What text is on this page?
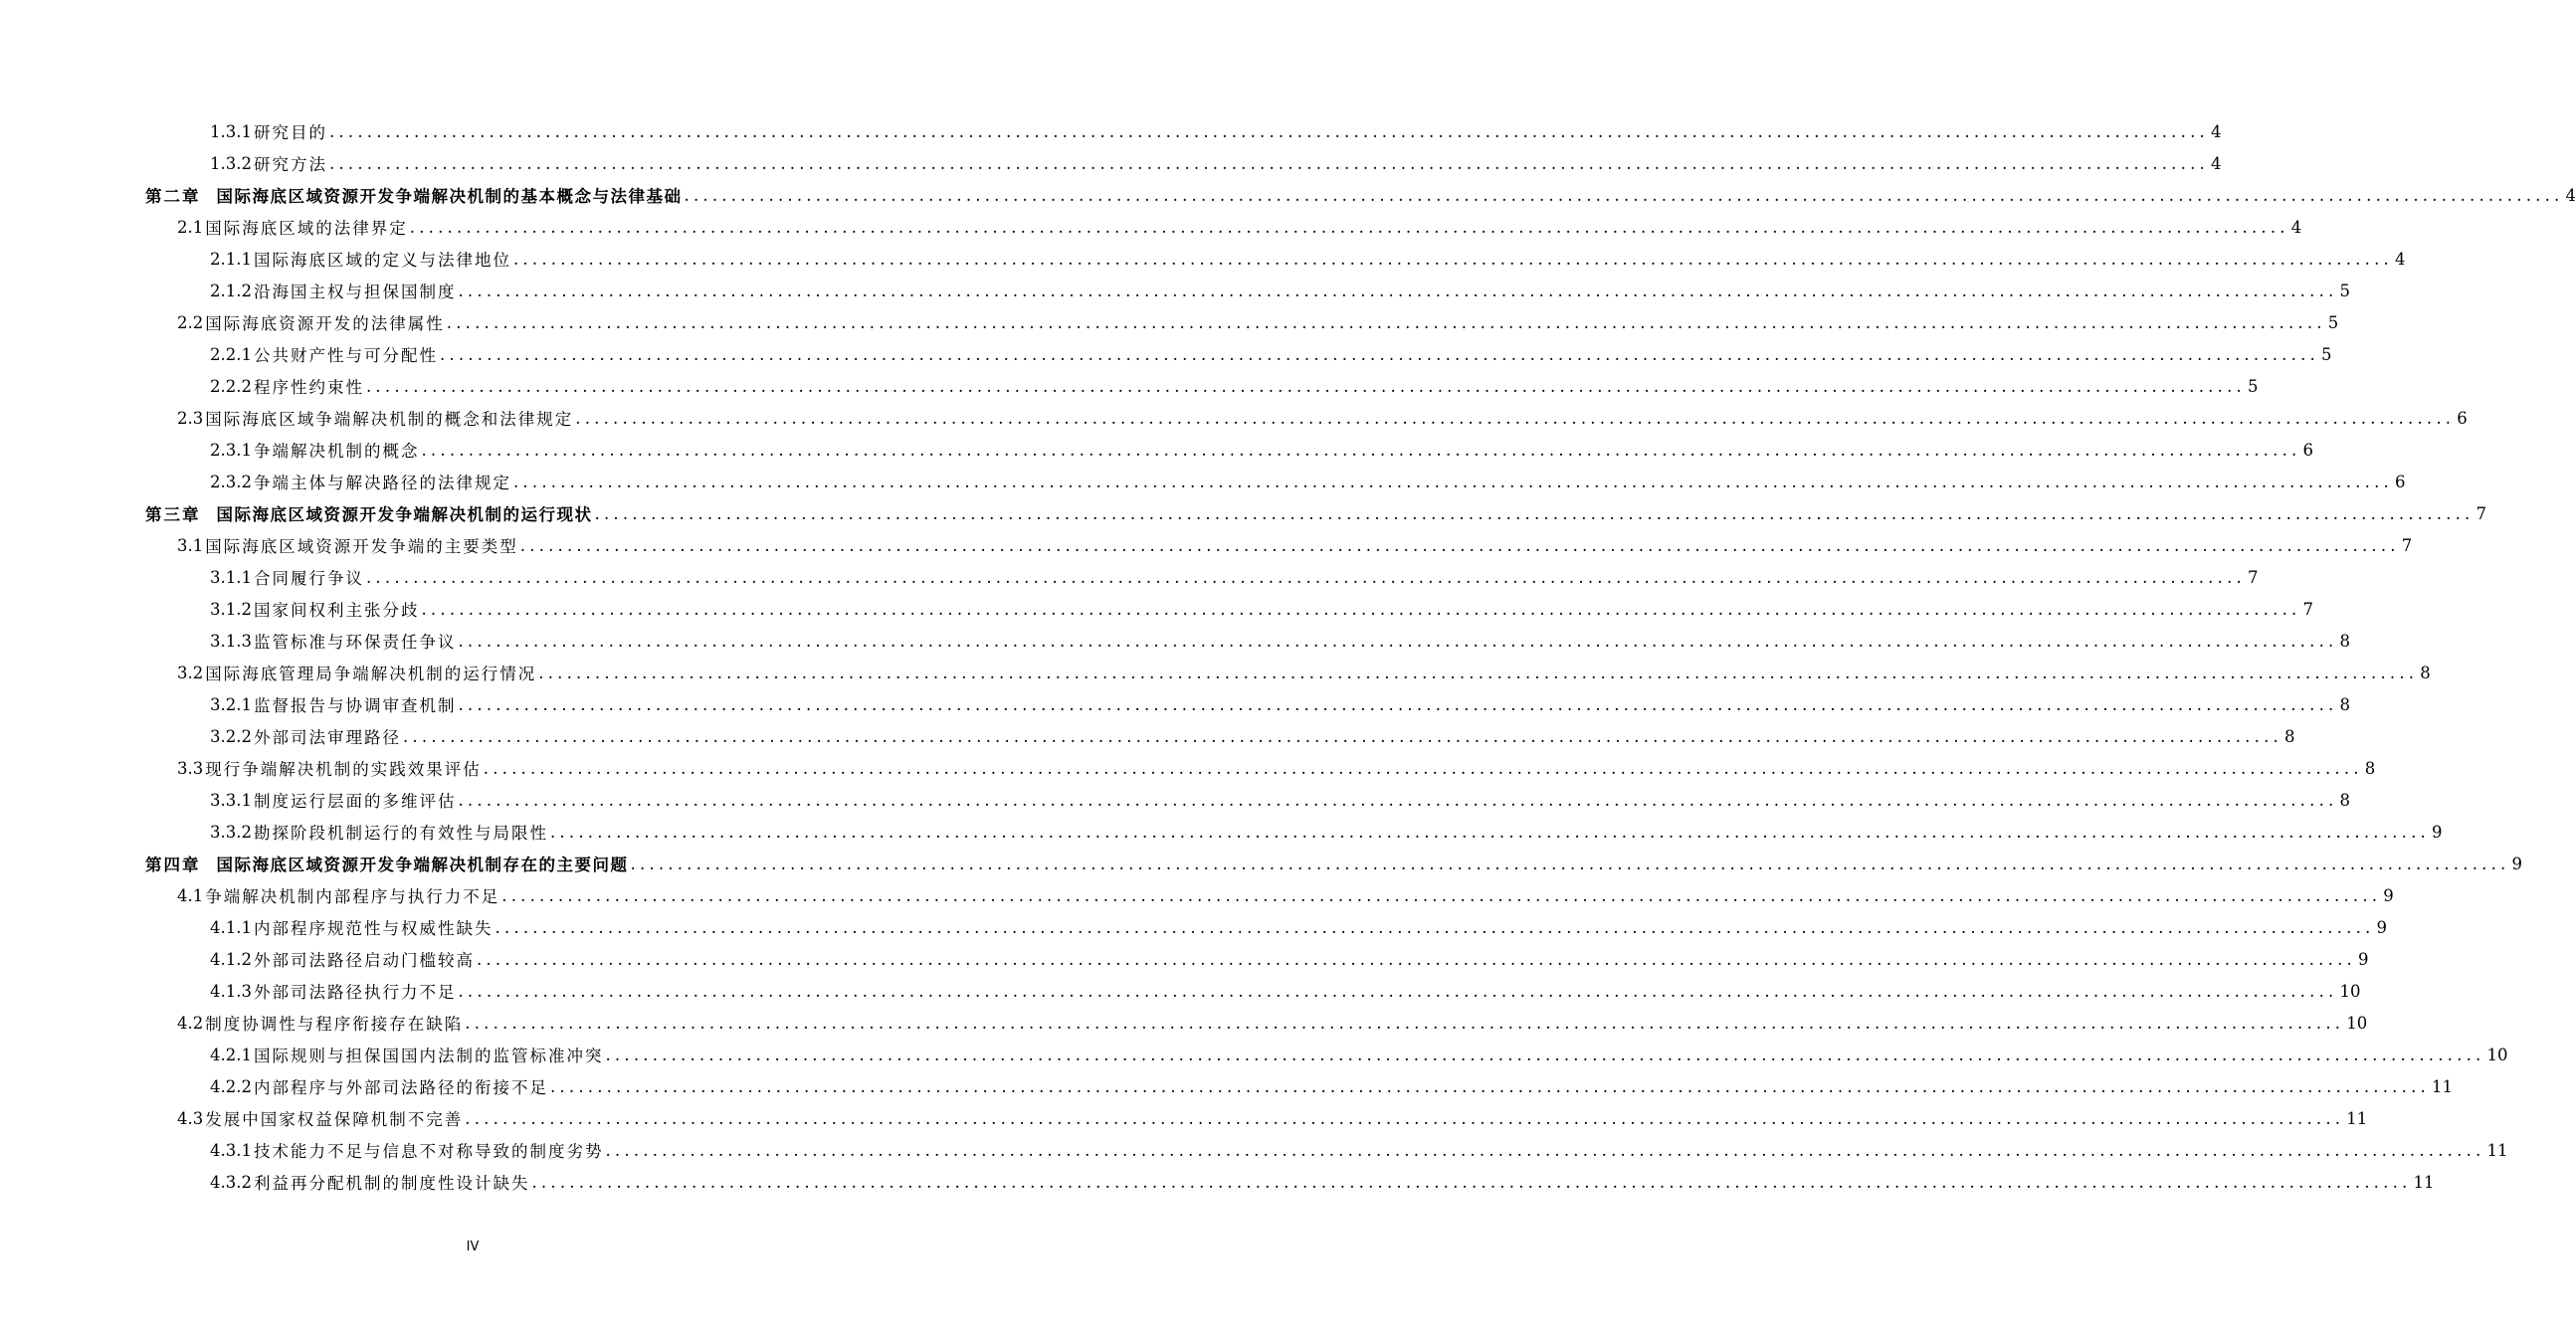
1.3.1 研究目的 ........................................................................................................................................................................................................ 4
1.3.2 研究方法 ........................................................................................................................................................................................................ 4
第二章 国际海底区域资源开发争端解决机制的基本概念与法律基础 ........................................................................................................................................................................................................ 4
2.1 国际海底区域的法律界定 ........................................................................................................................................................................................................ 4
2.1.1 国际海底区域的定义与法律地位 ........................................................................................................................................................................................................ 4
2.1.2 沿海国主权与担保国制度 ........................................................................................................................................................................................................ 5
2.2 国际海底资源开发的法律属性 ........................................................................................................................................................................................................ 5
2.2.1 公共财产性与可分配性 ........................................................................................................................................................................................................ 5
2.2.2 程序性约束性 ........................................................................................................................................................................................................ 5
2.3 国际海底区域争端解决机制的概念和法律规定 ........................................................................................................................................................................................................ 6
2.3.1 争端解决机制的概念 ........................................................................................................................................................................................................ 6
2.3.2 争端主体与解决路径的法律规定 ........................................................................................................................................................................................................ 6
第三章 国际海底区域资源开发争端解决机制的运行现状 ........................................................................................................................................................................................................ 7
3.1 国际海底区域资源开发争端的主要类型 ........................................................................................................................................................................................................ 7
3.1.1 合同履行争议 ........................................................................................................................................................................................................ 7
3.1.2 国家间权利主张分歧 ........................................................................................................................................................................................................ 7
3.1.3 监管标准与环保责任争议 ........................................................................................................................................................................................................ 8
3.2 国际海底管理局争端解决机制的运行情况 ........................................................................................................................................................................................................ 8
3.2.1 监督报告与协调审查机制 ........................................................................................................................................................................................................ 8
3.2.2 外部司法审理路径 ........................................................................................................................................................................................................ 8
3.3 现行争端解决机制的实践效果评估 ........................................................................................................................................................................................................ 8
3.3.1 制度运行层面的多维评估 ........................................................................................................................................................................................................ 8
3.3.2 勘探阶段机制运行的有效性与局限性 ........................................................................................................................................................................................................ 9
第四章 国际海底区域资源开发争端解决机制存在的主要问题 ........................................................................................................................................................................................................ 9
4.1 争端解决机制内部程序与执行力不足 ........................................................................................................................................................................................................ 9
4.1.1 内部程序规范性与权威性缺失 ........................................................................................................................................................................................................ 9
4.1.2 外部司法路径启动门槛较高 ........................................................................................................................................................................................................ 9
4.1.3 外部司法路径执行力不足 ........................................................................................................................................................................................................ 10
4.2 制度协调性与程序衔接存在缺陷 ........................................................................................................................................................................................................ 10
4.2.1 国际规则与担保国国内法制的监管标准冲突 ........................................................................................................................................................................................................ 10
4.2.2 内部程序与外部司法路径的衔接不足 ........................................................................................................................................................................................................ 11
4.3 发展中国家权益保障机制不完善 ........................................................................................................................................................................................................ 11
4.3.1 技术能力不足与信息不对称导致的制度劣势 ........................................................................................................................................................................................................ 11
4.3.2 利益再分配机制的制度性设计缺失 ........................................................................................................................................................................................................ 11
IV
